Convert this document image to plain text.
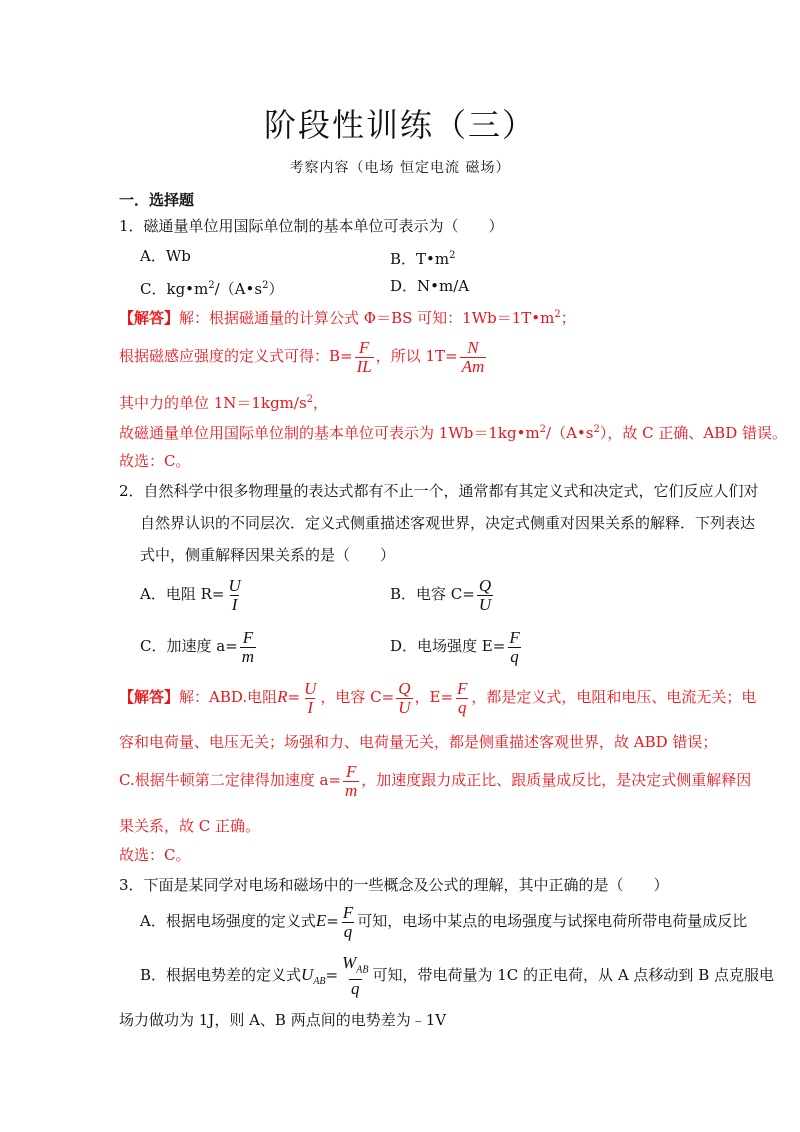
阶段性训练（三）
考察内容（电场 恒定电流 磁场）
一．选择题
1．磁通量单位用国际单位制的基本单位可表示为（　　）
A．Wb	B．$T•m^2$
C．$kg•m^2/(A•s^2)$	D．N•m/A
【解答】解：根据磁通量的计算公式 Φ＝BS 可知：$1Wb=1T•m^2$；
根据磁感应强度的定义式可得：$B= \frac{F}{IL}$ ，所以 $1T= \frac{N}{Am}$
其中力的单位 $1N=1kgm/s^2$，
故磁通量单位用国际单位制的基本单位可表示为 $1Wb=1kg•m^2/(A•s^2)$，故 C 正确、ABD 错误。
故选：C。
2．自然科学中很多物理量的表达式都有不止一个，通常都有其定义式和决定式，它们反应人们对
自然界认识的不同层次．定义式侧重描述客观世界，决定式侧重对因果关系的解释．下列表达
式中，侧重解释因果关系的是（　　）
A．电阻 $R= \frac{U}{I}$	B．电容 $C= \frac{Q}{U}$
C．加速度 $a= \frac{F}{m}$	D．电场强度 $E= \frac{F}{q}$
【解答】解：ABD.电阻$R= \frac{U}{I}$ ，电容 $C= \frac{Q}{U}$ ，$E= \frac{F}{q}$ ，都是定义式，电阻和电压、电流无关；电
容和电荷量、电压无关；场强和力、电荷量无关，都是侧重描述客观世界，故 ABD 错误；
C.根据牛顿第二定律得加速度 $a= \frac{F}{m}$ ，加速度跟力成正比、跟质量成反比，是决定式侧重解释因
果关系，故 C 正确。
故选：C。
3．下面是某同学对电场和磁场中的一些概念及公式的理解，其中正确的是（　　）
A．根据电场强度的定义式$E= \frac{F}{q}$ 可知，电场中某点的电场强度与试探电荷所带电荷量成反比
B．根据电势差的定义式$U_{AB}= \frac{W_{AB}}{q}$ 可知，带电荷量为 1C 的正电荷，从 A 点移动到 B 点克服电
场力做功为 1J，则 A、B 两点间的电势差为﹣1V
